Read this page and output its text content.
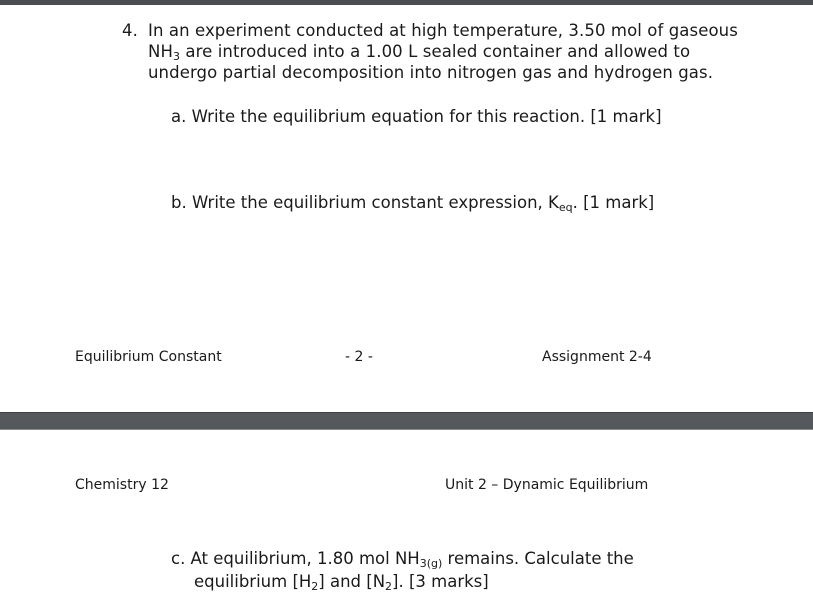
4. In an experiment conducted at high temperature, 3.50 mol of gaseous
$NH_3$ are introduced into a 1.00 L sealed container and allowed to
undergo partial decomposition into nitrogen gas and hydrogen gas.
a. Write the equilibrium equation for this reaction. [1 mark]
b. Write the equilibrium constant expression, $K_{eq}$. [1 mark]
Equilibrium Constant	- 2 -	Assignment 2-4
Chemistry 12	Unit 2 – Dynamic Equilibrium
c. At equilibrium, 1.80 mol $NH_{3(g)}$ remains. Calculate the
equilibrium $[H_2]$ and $[N_2]$. [3 marks]
